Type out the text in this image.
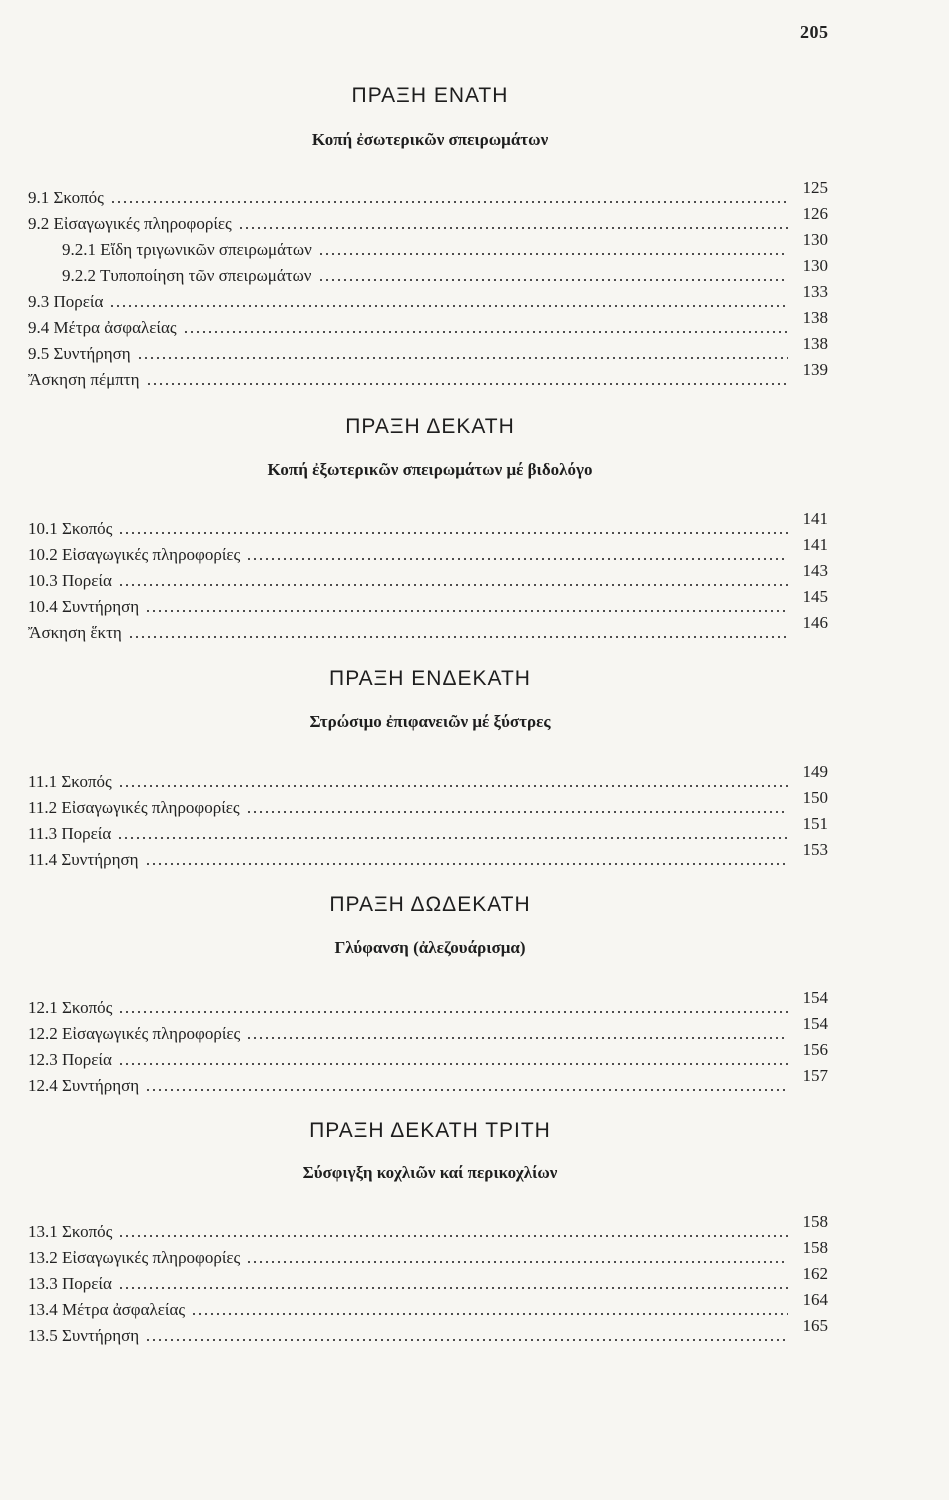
205
ΠΡΑΞΗ ΕΝΑΤΗ
Κοπή ἐσωτερικῶν σπειρωμάτων
9.1 Σκοπός
125
9.2 Εἰσαγωγικές πληροφορίες
126
9.2.1 Εἴδη τριγωνικῶν σπειρωμάτων
130
9.2.2 Τυποποίηση τῶν σπειρωμάτων
130
9.3 Πορεία
133
9.4 Μέτρα ἀσφαλείας
138
9.5 Συντήρηση
138
Ἄσκηση πέμπτη
139
ΠΡΑΞΗ ΔΕΚΑΤΗ
Κοπή ἐξωτερικῶν σπειρωμάτων μέ βιδολόγο
10.1 Σκοπός
141
10.2 Εἰσαγωγικές πληροφορίες
141
10.3 Πορεία
143
10.4 Συντήρηση
145
Ἄσκηση ἕκτη
146
ΠΡΑΞΗ ΕΝΔΕΚΑΤΗ
Στρώσιμο ἐπιφανειῶν μέ ξύστρες
11.1 Σκοπός
149
11.2 Εἰσαγωγικές πληροφορίες
150
11.3 Πορεία
151
11.4 Συντήρηση
153
ΠΡΑΞΗ ΔΩΔΕΚΑΤΗ
Γλύφανση (ἀλεζουάρισμα)
12.1 Σκοπός
154
12.2 Εἰσαγωγικές πληροφορίες
154
12.3 Πορεία
156
12.4 Συντήρηση
157
ΠΡΑΞΗ ΔΕΚΑΤΗ ΤΡΙΤΗ
Σύσφιγξη κοχλιῶν καί περικοχλίων
13.1 Σκοπός
158
13.2 Εἰσαγωγικές πληροφορίες
158
13.3 Πορεία
162
13.4 Μέτρα ἀσφαλείας
164
13.5 Συντήρηση
165
